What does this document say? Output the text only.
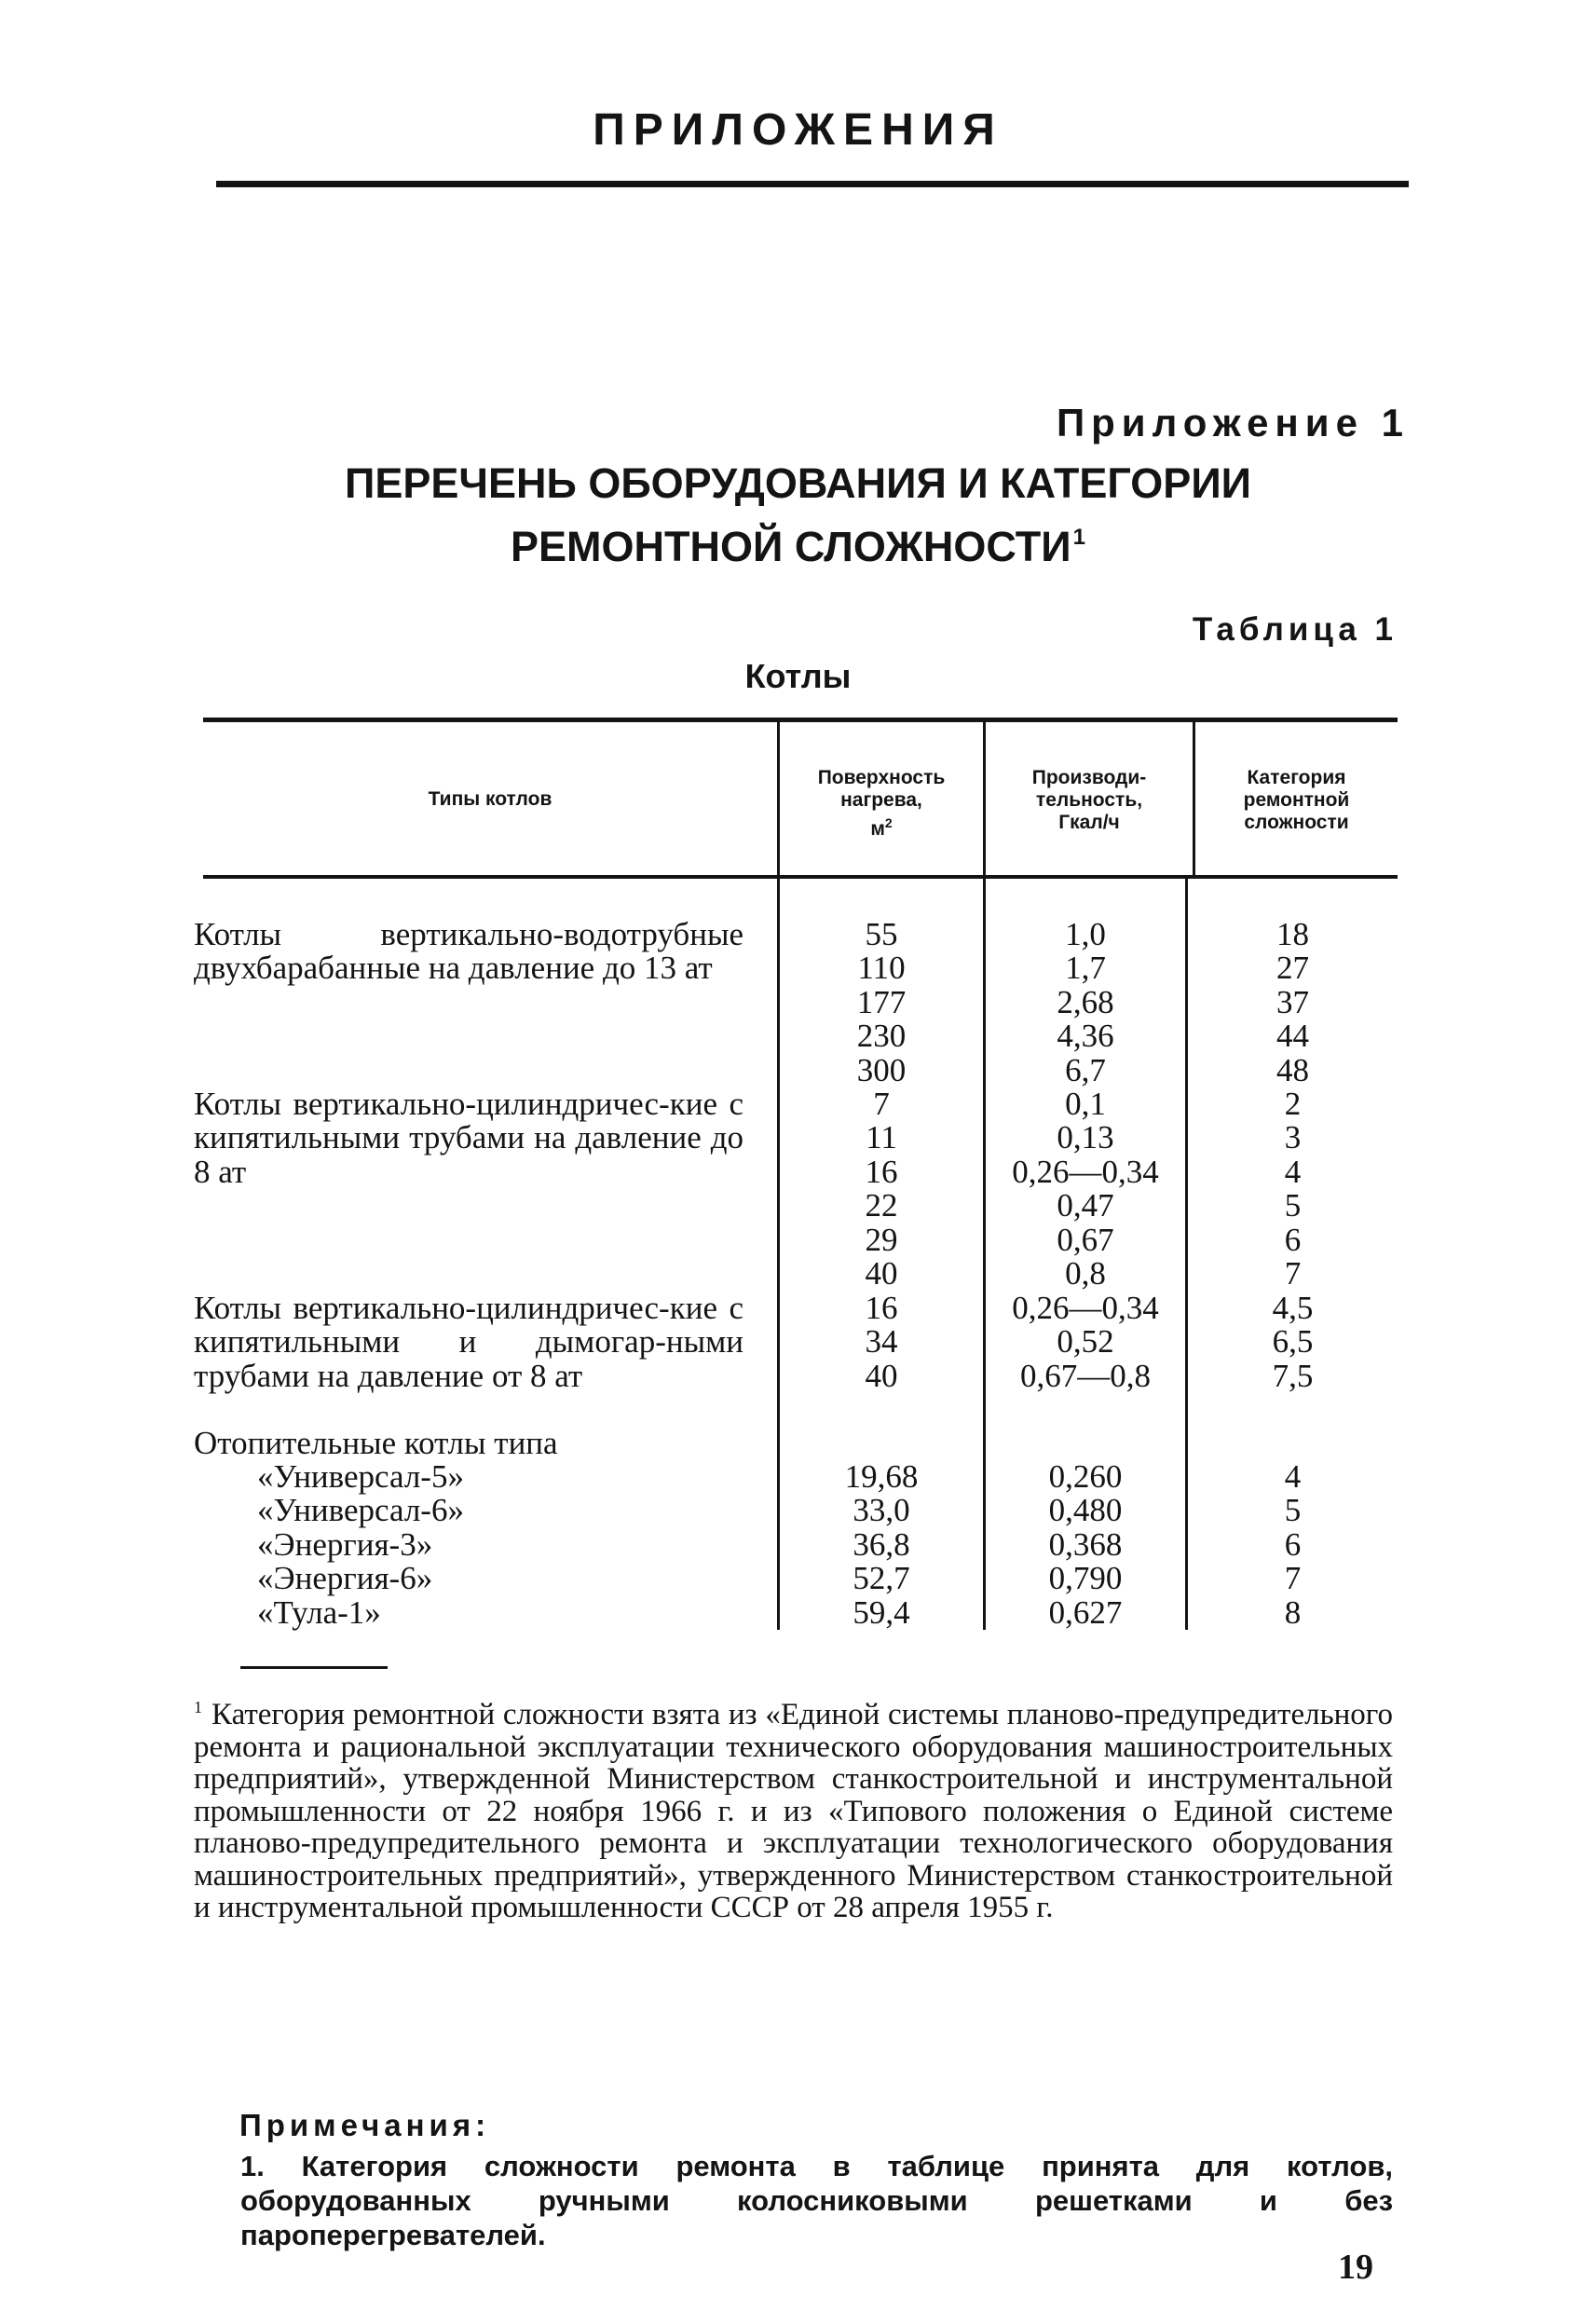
ПРИЛОЖЕНИЯ
Приложение 1
ПЕРЕЧЕНЬ ОБОРУДОВАНИЯ И КАТЕГОРИИ
РЕМОНТНОЙ СЛОЖНОСТИ$^1$
Таблица 1
Котлы
Типы котлов
Поверхность
нагрева,
$м^2$
Производи-
тельность,
Гкал/ч
Категория
ремонтной
сложности
Котлы вертикально-водотрубные двухбарабанные на давление до 13 ат
55
110
177
230
300
1,0
1,7
2,68
4,36
6,7
18
27
37
44
48
Котлы вертикально-цилиндричес-кие с кипятильными трубами на давление до 8 ат
7
11
16
22
29
40
0,1
0,13
0,26—0,34
0,47
0,67
0,8
2
3
4
5
6
7
Котлы вертикально-цилиндричес-кие с кипятильными и дымогар-ными трубами на давление от 8 ат
16
34
40
0,26—0,34
0,52
0,67—0,8
4,5
6,5
7,5
Отопительные котлы типа
«Универсал-5»
«Универсал-6»
«Энергия-3»
«Энергия-6»
«Тула-1»
19,68
33,0
36,8
52,7
59,4
0,260
0,480
0,368
0,790
0,627
4
5
6
7
8
$^1$ Категория ремонтной сложности взята из «Единой системы планово-предупредительного ремонта и рациональной эксплуатации технического оборудования машиностроительных предприятий», утвержденной Министерством станкостроительной и инструментальной промышленности от 22 ноября 1966 г. и из «Типового положения о Единой системе планово-предупредительного ремонта и эксплуатации технологического оборудования машиностроительных предприятий», утвержденного Министерством станкостроительной и инструментальной промышленности СССР от 28 апреля 1955 г.
Примечания:
1. Категория сложности ремонта в таблице принята для котлов, оборудованных ручными колосниковыми решетками и без пароперегревателей.
19
